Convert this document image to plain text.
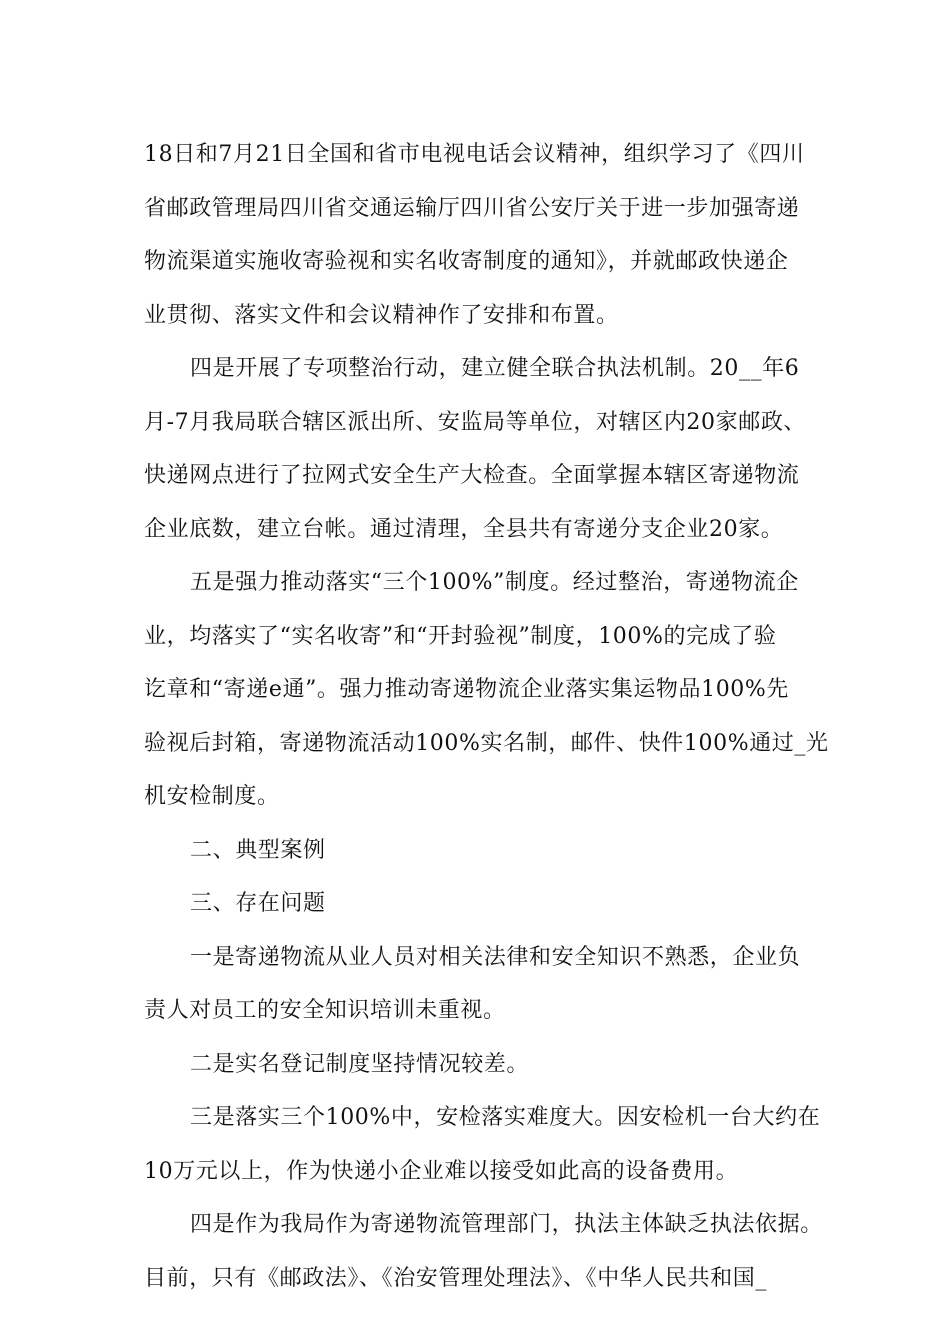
18日和7月21日全国和省市电视电话会议精神，组织学习了《四川
省邮政管理局四川省交通运输厅四川省公安厅关于进一步加强寄递
物流渠道实施收寄验视和实名收寄制度的通知》，并就邮政快递企
业贯彻、落实文件和会议精神作了安排和布置。
四是开展了专项整治行动，建立健全联合执法机制。20__年6
月-7月我局联合辖区派出所、安监局等单位，对辖区内20家邮政、
快递网点进行了拉网式安全生产大检查。全面掌握本辖区寄递物流
企业底数，建立台帐。通过清理，全县共有寄递分支企业20家。
五是强力推动落实“三个100%”制度。经过整治，寄递物流企
业，均落实了“实名收寄”和“开封验视”制度，100%的完成了验
讫章和“寄递e通”。强力推动寄递物流企业落实集运物品100%先
验视后封箱，寄递物流活动100%实名制，邮件、快件100%通过_光
机安检制度。
二、典型案例
三、存在问题
一是寄递物流从业人员对相关法律和安全知识不熟悉，企业负
责人对员工的安全知识培训未重视。
二是实名登记制度坚持情况较差。
三是落实三个100%中，安检落实难度大。因安检机一台大约在
10万元以上，作为快递小企业难以接受如此高的设备费用。
四是作为我局作为寄递物流管理部门，执法主体缺乏执法依据。
目前，只有《邮政法》、《治安管理处理法》、《中华人民共和国_
